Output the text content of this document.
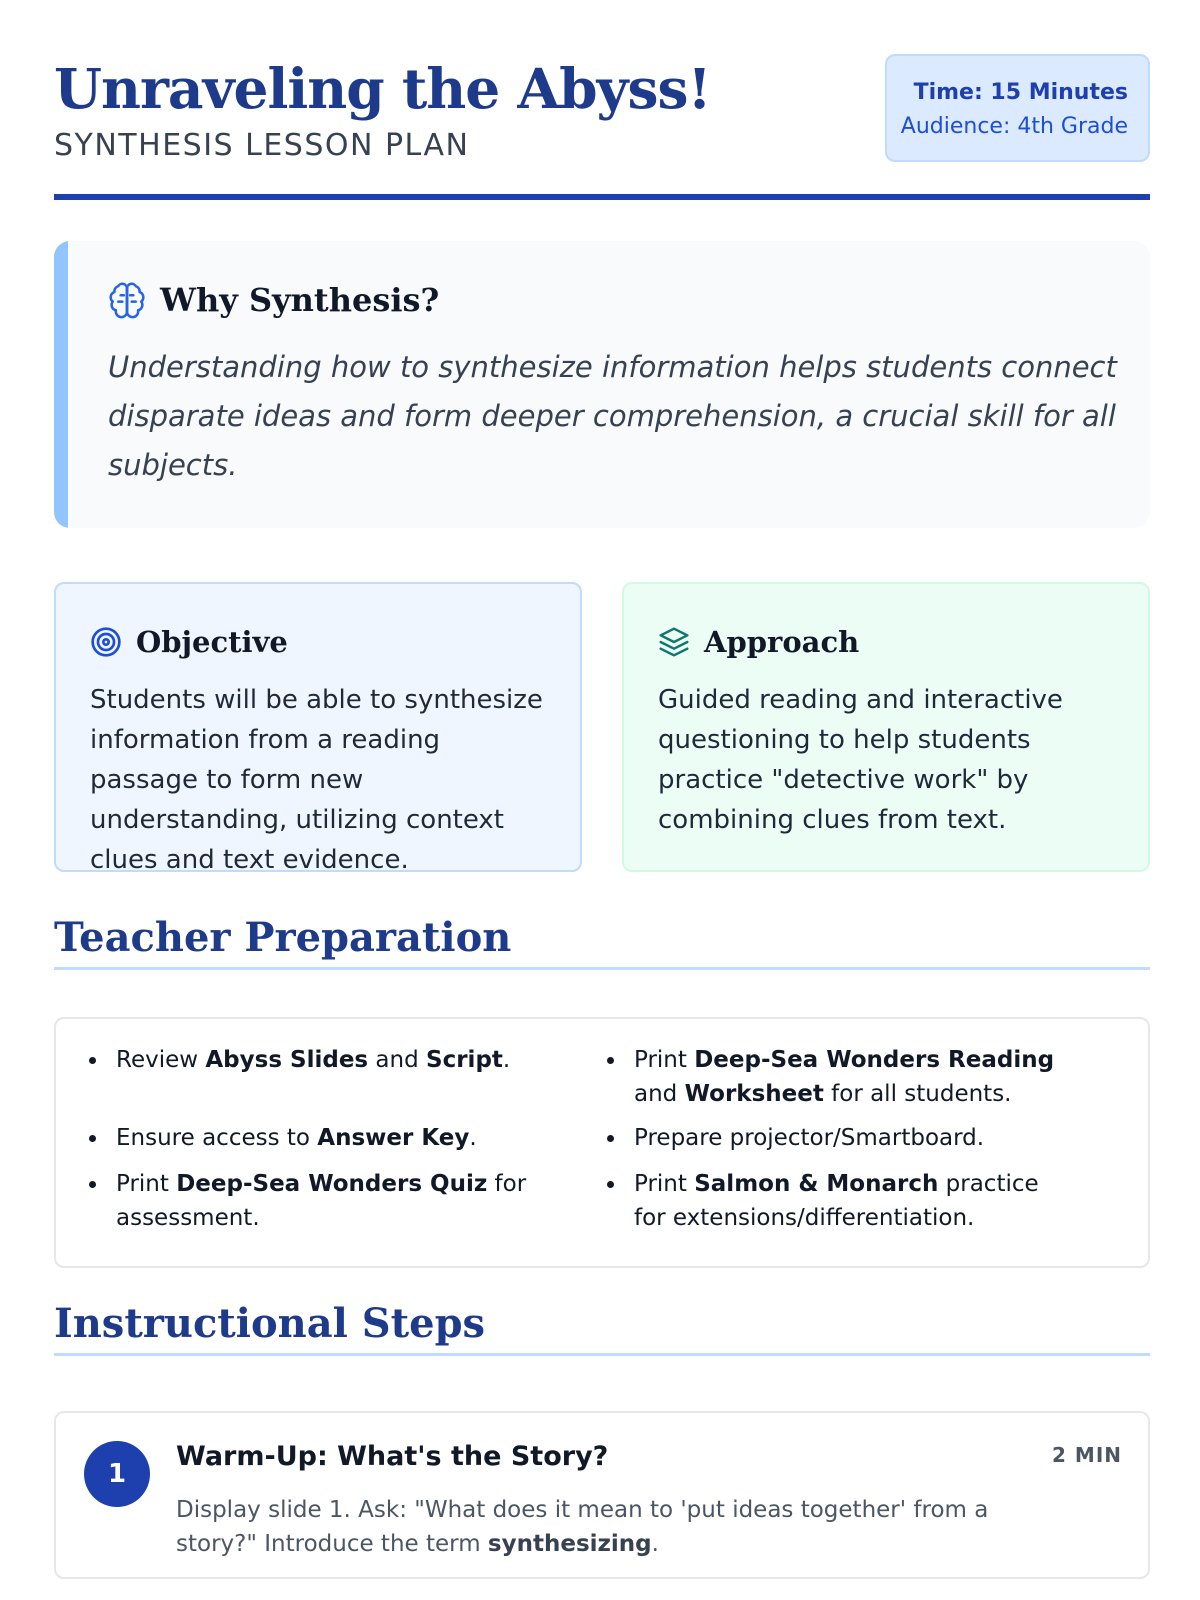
Unraveling the Abyss!
SYNTHESIS LESSON PLAN
Time: 15 Minutes
Audience: 4th Grade
Why Synthesis?
Understanding how to synthesize information helps students connect disparate ideas and form deeper comprehension, a crucial skill for all subjects.
Objective
Students will be able to synthesize information from a reading passage to form new understanding, utilizing context clues and text evidence.
Approach
Guided reading and interactive questioning to help students practice "detective work" by combining clues from text.
Teacher Preparation
Review Abyss Slides and Script.	Print Deep-Sea Wonders Reading and Worksheet for all students.
Ensure access to Answer Key.	Prepare projector/Smartboard.
Print Deep-Sea Wonders Quiz for assessment.
Print Salmon & Monarch practice for extensions/differentiation.
Instructional Steps
1
Warm-Up: What's the Story?	2 MIN
Display slide 1. Ask: "What does it mean to 'put ideas together' from a story?" Introduce the term synthesizing.
